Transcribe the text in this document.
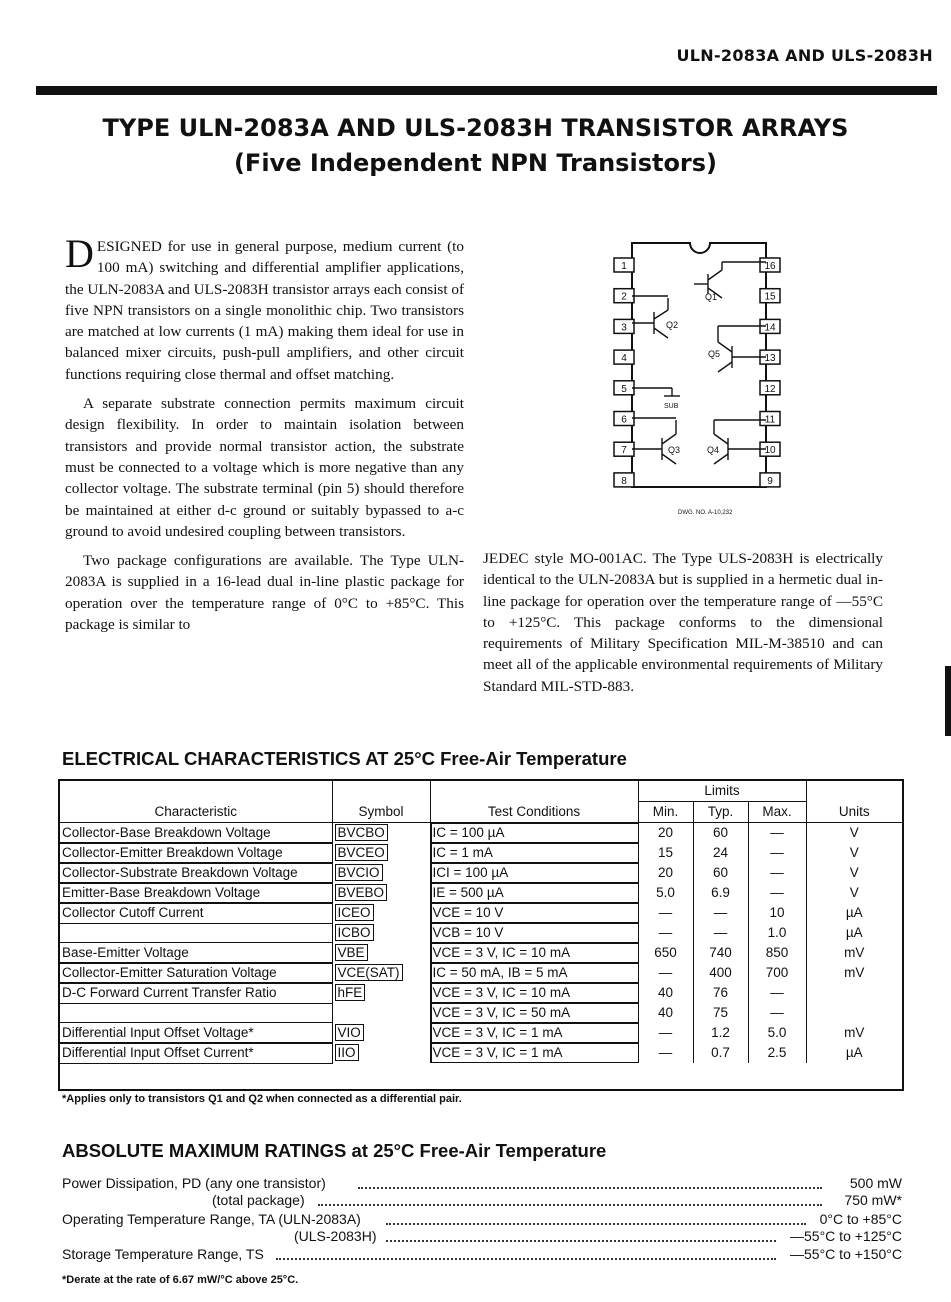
ULN-2083A AND ULS-2083H
TYPE ULN-2083A AND ULS-2083H TRANSISTOR ARRAYS
(Five Independent NPN Transistors)

DESIGNED for use in general purpose, medium current (to 100 mA) switching and differential amplifier applications, the ULN-2083A and ULS-2083H transistor arrays each consist of five NPN transistors on a single monolithic chip. Two transistors are matched at low currents (1 mA) making them ideal for use in balanced mixer circuits, push-pull amplifiers, and other circuit functions requiring close thermal and offset matching.

A separate substrate connection permits maximum circuit design flexibility. In order to maintain isolation between transistors and provide normal transistor action, the substrate must be connected to a voltage which is more negative than any collector voltage. The substrate terminal (pin 5) should therefore be maintained at either d-c ground or suitably bypassed to a-c ground to avoid undesired coupling between transistors.

Two package configurations are available. The Type ULN-2083A is supplied in a 16-lead dual in-line plastic package for operation over the temperature range of 0°C to +85°C. This package is similar to

JEDEC style MO-001AC. The Type ULS-2083H is electrically identical to the ULN-2083A but is supplied in a hermetic dual in-line package for operation over the temperature range of —55°C to +125°C. This package conforms to the dimensional requirements of Military Specification MIL-M-38510 and can meet all of the applicable environmental requirements of Military Standard MIL-STD-883.

1
2
3
4
5
6
7
8
16
15
14
13
12
11
10
9
Q1
Q2
Q5
SUB
Q3	Q4
DWG. NO. A-10,232
ELECTRICAL CHARACTERISTICS AT 25°C Free-Air Temperature
Characteristic	Symbol	Test Conditions	Limits			Units
			Min.	Typ.	Max.	
Collector-Base Breakdown Voltage	BVCBO	IC = 100 µA	20	60	—	V
Collector-Emitter Breakdown Voltage	BVCEO	IC = 1 mA	15	24	—	V
Collector-Substrate Breakdown Voltage	BVCIO	ICI = 100 µA	20	60	—	V
Emitter-Base Breakdown Voltage	BVEBO	IE = 500 µA	5.0	6.9	—	V
Collector Cutoff Current	ICEO	VCE = 10 V	—	—	10	µA
	ICBO	VCB = 10 V	—	—	1.0	µA
Base-Emitter Voltage	VBE	VCE = 3 V, IC = 10 mA	650	740	850	mV
Collector-Emitter Saturation Voltage	VCE(SAT)	IC = 50 mA, IB = 5 mA	—	400	700	mV
D-C Forward Current Transfer Ratio	hFE	VCE = 3 V, IC = 10 mA	40	76	—	
		VCE = 3 V, IC = 50 mA	40	75	—	
Differential Input Offset Voltage*	VIO	VCE = 3 V, IC = 1 mA	—	1.2	5.0	mV
Differential Input Offset Current*	IIO	VCE = 3 V, IC = 1 mA	—	0.7	2.5	µA
*Applies only to transistors Q1 and Q2 when connected as a differential pair.
ABSOLUTE MAXIMUM RATINGS at 25°C Free-Air Temperature
Power Dissipation, PD (any one transistor)	500 mW
(total package)	750 mW*
Operating Temperature Range, TA (ULN-2083A)	0°C to +85°C
(ULS-2083H)	—55°C to +125°C
Storage Temperature Range, TS	—55°C to +150°C
*Derate at the rate of 6.67 mW/°C above 25°C.
